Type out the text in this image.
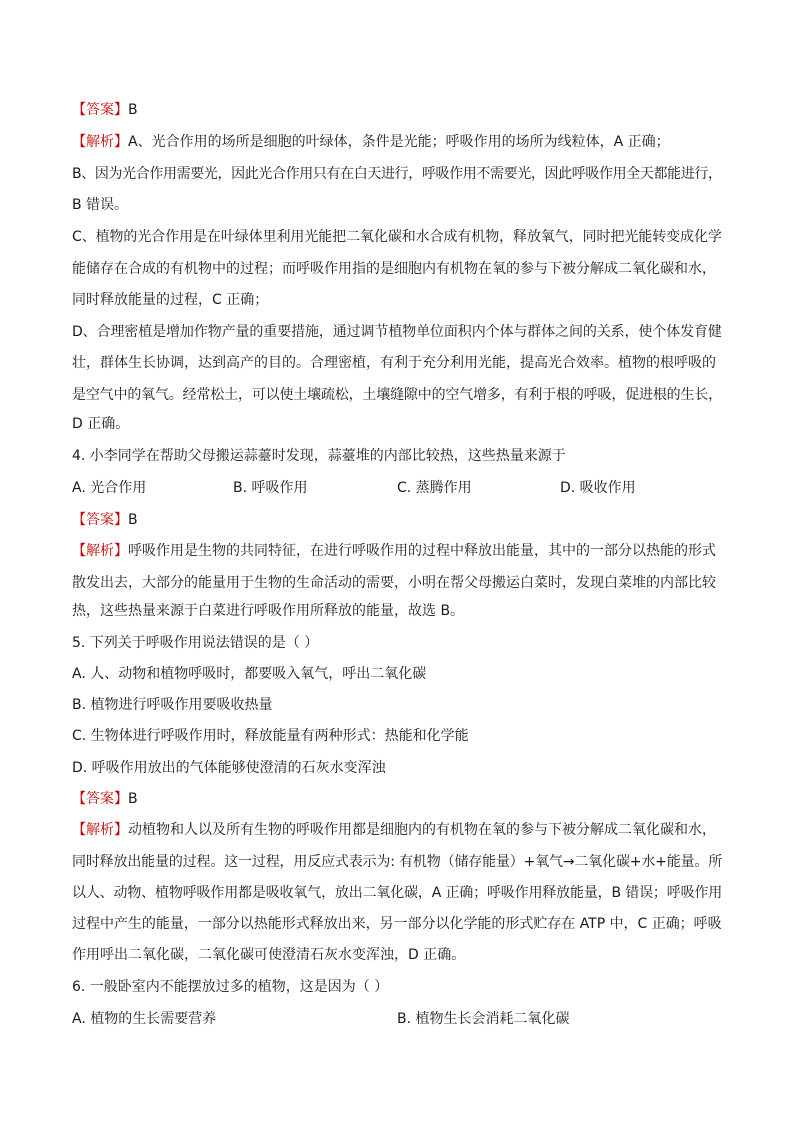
【答案】B
【解析】A、光合作用的场所是细胞的叶绿体，条件是光能；呼吸作用的场所为线粒体，A 正确；
B、因为光合作用需要光，因此光合作用只有在白天进行，呼吸作用不需要光，因此呼吸作用全天都能进行，
B 错误。
C、植物的光合作用是在叶绿体里利用光能把二氧化碳和水合成有机物，释放氧气，同时把光能转变成化学
能储存在合成的有机物中的过程；而呼吸作用指的是细胞内有机物在氧的参与下被分解成二氧化碳和水，
同时释放能量的过程，C 正确；
D、合理密植是增加作物产量的重要措施，通过调节植物单位面积内个体与群体之间的关系，使个体发育健
壮，群体生长协调，达到高产的目的。合理密植，有利于充分利用光能，提高光合效率。植物的根呼吸的
是空气中的氧气。经常松土，可以使土壤疏松，土壤缝隙中的空气增多，有利于根的呼吸，促进根的生长，
D 正确。
4. 小李同学在帮助父母搬运蒜薹时发现，蒜薹堆的内部比较热，这些热量来源于
A. 光合作用	B. 呼吸作用	C. 蒸腾作用	D. 吸收作用
【答案】B
【解析】呼吸作用是生物的共同特征，在进行呼吸作用的过程中释放出能量，其中的一部分以热能的形式
散发出去，大部分的能量用于生物的生命活动的需要，小明在帮父母搬运白菜时，发现白菜堆的内部比较
热，这些热量来源于白菜进行呼吸作用所释放的能量，故选 B。
5. 下列关于呼吸作用说法错误的是（ ）
A. 人、动物和植物呼吸时，都要吸入氧气，呼出二氧化碳
B. 植物进行呼吸作用要吸收热量
C. 生物体进行呼吸作用时，释放能量有两种形式：热能和化学能
D. 呼吸作用放出的气体能够使澄清的石灰水变浑浊
【答案】B
【解析】动植物和人以及所有生物的呼吸作用都是细胞内的有机物在氧的参与下被分解成二氧化碳和水，
同时释放出能量的过程。这一过程，用反应式表示为: 有机物（储存能量）+氧气→二氧化碳+水+能量。所
以人、动物、植物呼吸作用都是吸收氧气，放出二氧化碳，A 正确；呼吸作用释放能量，B 错误；呼吸作用
过程中产生的能量，一部分以热能形式释放出来，另一部分以化学能的形式贮存在 ATP 中，C 正确；呼吸
作用呼出二氧化碳，二氧化碳可使澄清石灰水变浑浊，D 正确。
6. 一般卧室内不能摆放过多的植物，这是因为（ ）
A. 植物的生长需要营养	B. 植物生长会消耗二氧化碳
